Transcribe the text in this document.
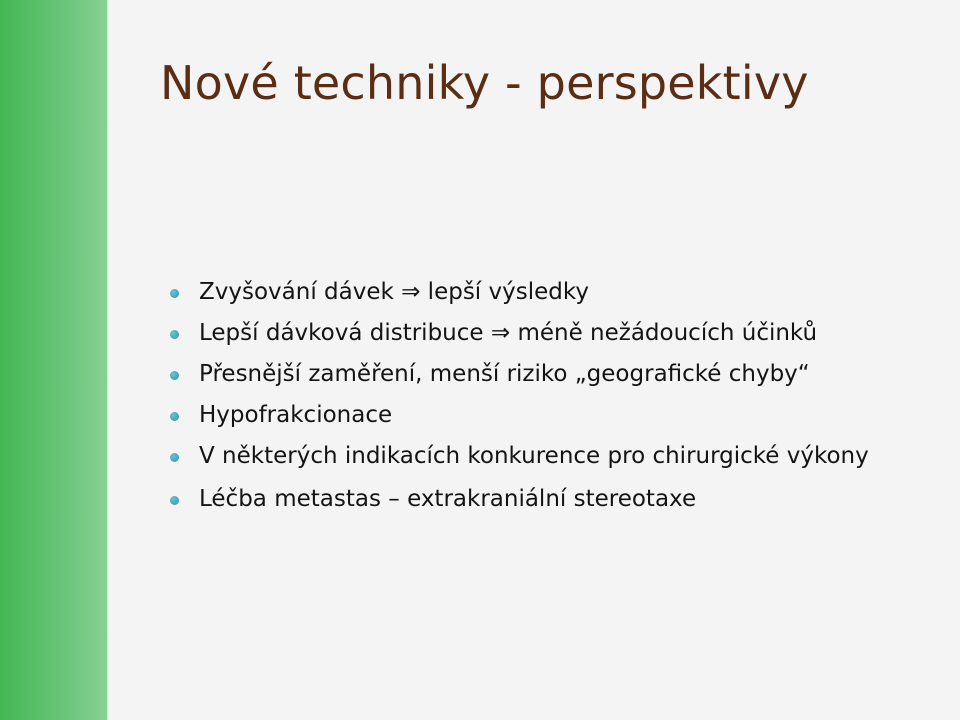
Nové techniky - perspektivy
Zvyšování dávek ⇒ lepší výsledky
Lepší dávková distribuce ⇒ méně nežádoucích účinků
Přesnější zaměření, menší riziko „geografické chyby“
Hypofrakcionace
V některých indikacích konkurence pro chirurgické výkony
Léčba metastas – extrakraniální stereotaxe
